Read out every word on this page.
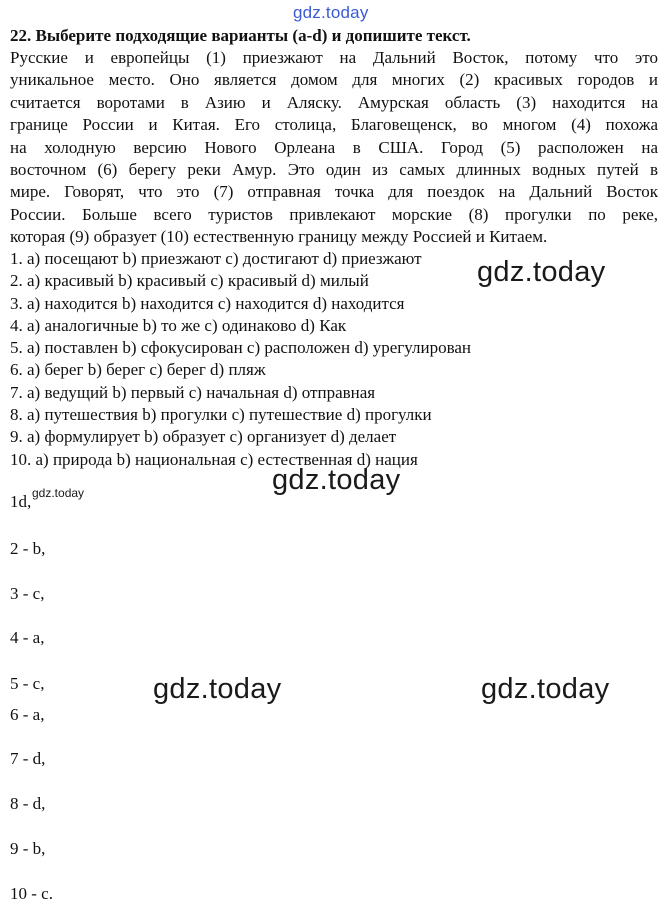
gdz.today
22. Выберите подходящие варианты (a-d) и допишите текст.
Русские и европейцы (1) приезжают на Дальний Восток, потому что это
уникальное место. Оно является домом для многих (2) красивых городов и
считается воротами в Азию и Аляску. Амурская область (3) находится на
границе России и Китая. Его столица, Благовещенск, во многом (4) похожа
на холодную версию Нового Орлеана в США. Город (5) расположен на
восточном (6) берегу реки Амур. Это один из самых длинных водных путей в
мире. Говорят, что это (7) отправная точка для поездок на Дальний Восток
России. Больше всего туристов привлекают морские (8) прогулки по реке,
которая (9) образует (10) естественную границу между Россией и Китаем.
1. a) посещают b) приезжают c) достигают d) приезжают
2. a) красивый b) красивый c) красивый d) милый
3. a) находится b) находится c) находится d) находится
4. a) аналогичные b) то же c) одинаково d) Как
5. a) поставлен b) сфокусирован c) расположен d) урегулирован
6. a) берег b) берег c) берег d) пляж
7. a) ведущий b) первый c) начальная d) отправная
8. a) путешествия b) прогулки c) путешествие d) прогулки
9. a) формулирует b) образует c) организует d) делает
10. a) природа b) национальная c) естественная d) нация
1d,
2 - b,
3 - c,
4 - a,
5 - c,
6 - a,
7 - d,
8 - d,
9 - b,
10 - c.
gdz.today
gdz.today
gdz.today
gdz.today	gdz.today
